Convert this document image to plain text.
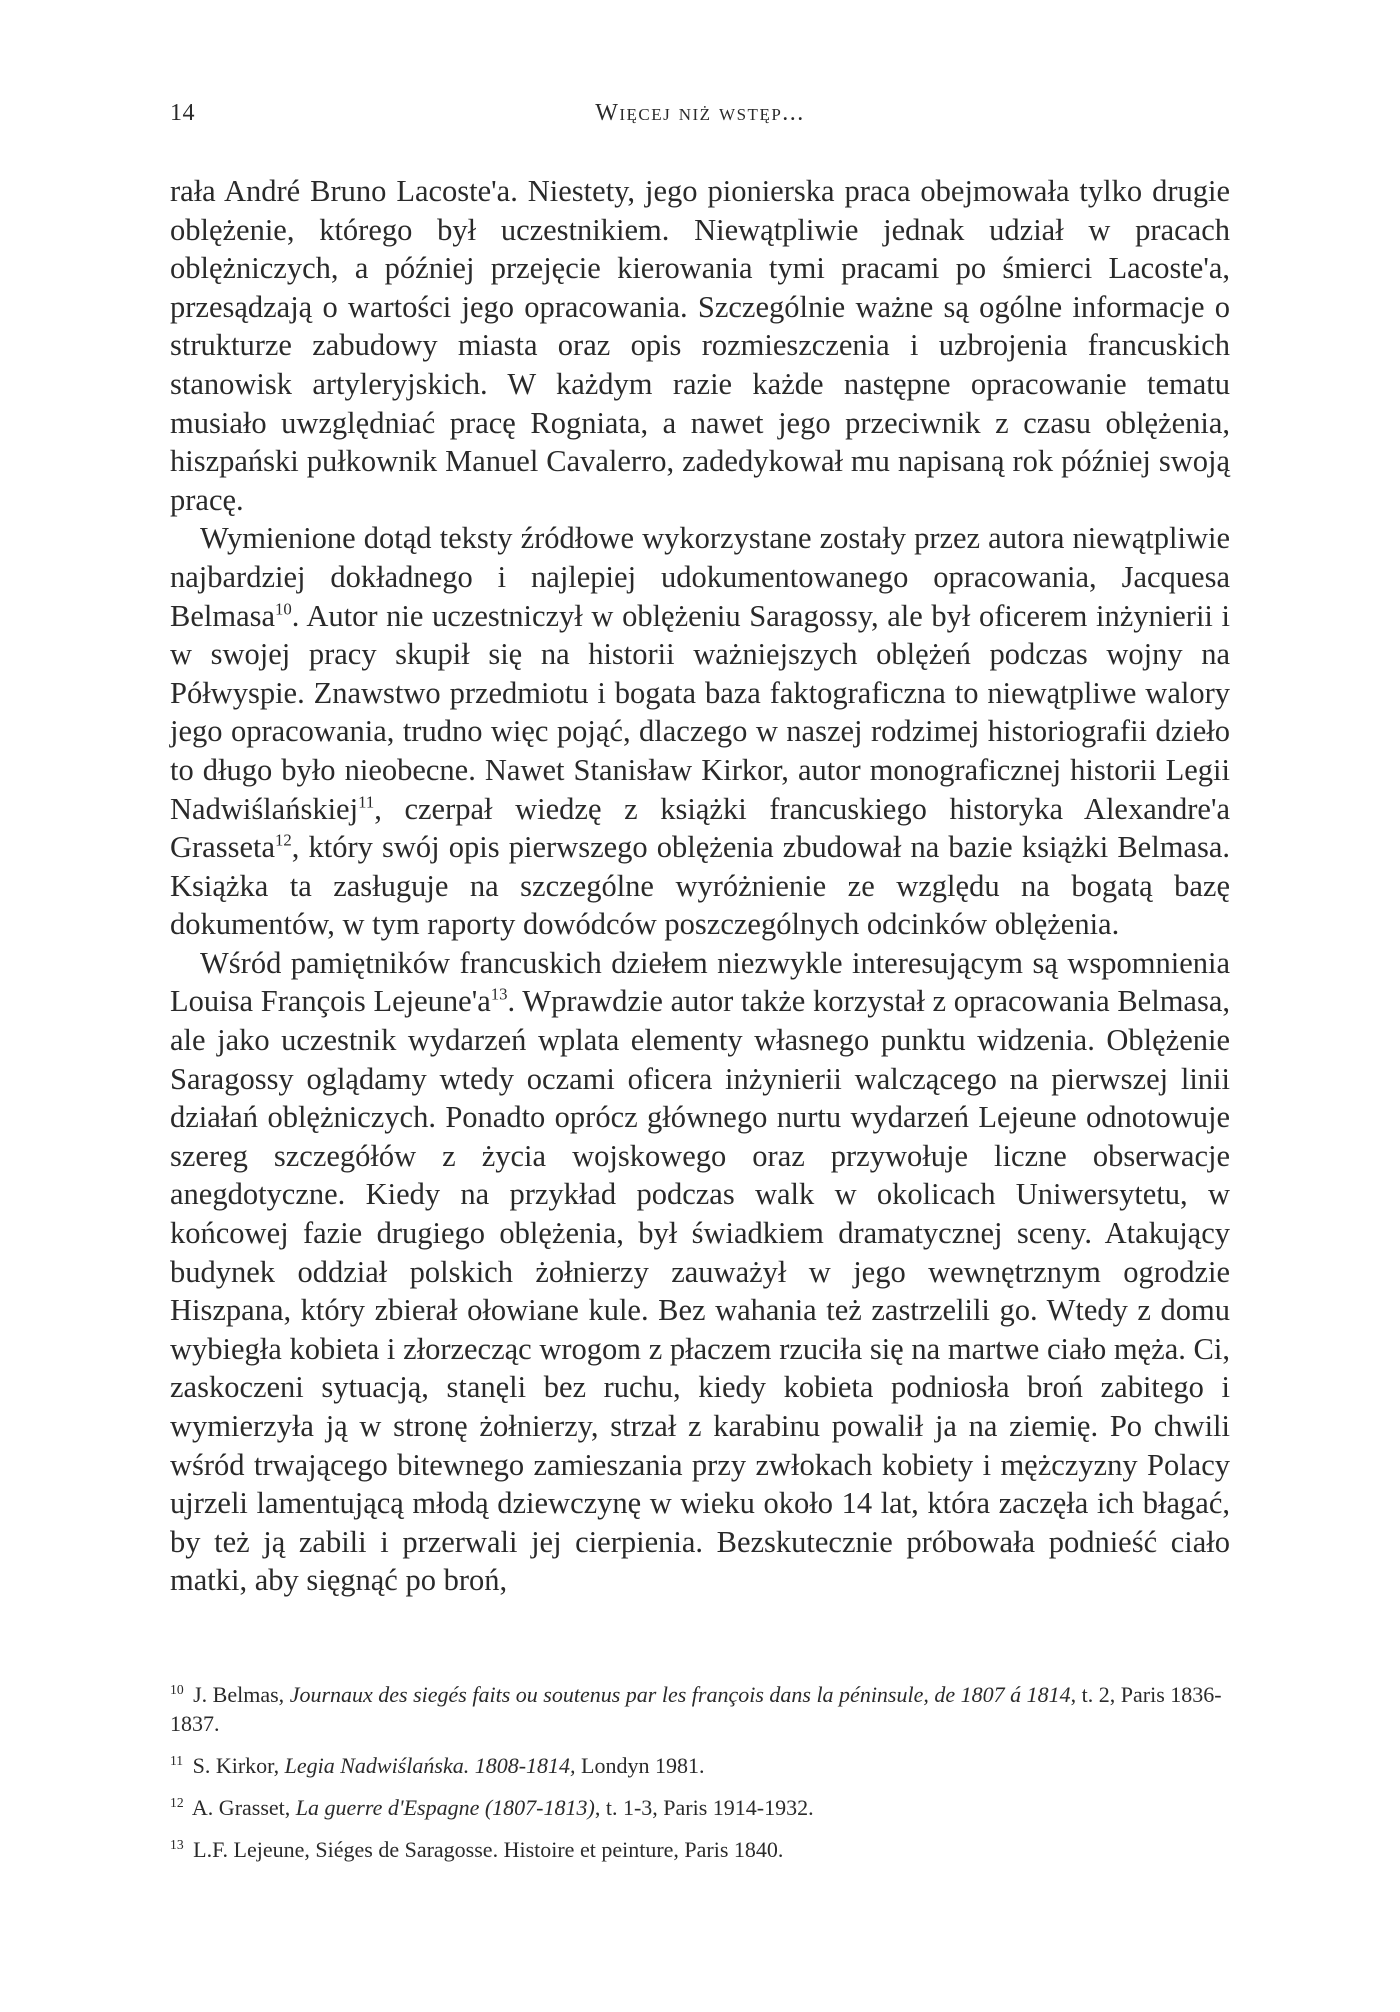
14	Więcej niż wstęp...

rała André Bruno Lacoste'a. Niestety, jego pionierska praca obejmowała tylko drugie oblężenie, którego był uczestnikiem. Niewątpliwie jednak udział w pracach oblężniczych, a później przejęcie kierowania tymi pracami po śmierci Lacoste'a, przesądzają o wartości jego opracowania. Szczególnie ważne są ogólne informacje o strukturze zabudowy miasta oraz opis rozmieszczenia i uzbrojenia francuskich stanowisk artyleryjskich. W każdym razie każde następne opracowanie tematu musiało uwzględniać pracę Rogniata, a nawet jego przeciwnik z czasu oblężenia, hiszpański pułkownik Manuel Cavalerro, zadedykował mu napisaną rok później swoją pracę.

Wymienione dotąd teksty źródłowe wykorzystane zostały przez autora niewątpliwie najbardziej dokładnego i najlepiej udokumentowanego opracowania, Jacquesa Belmasa$^{10}$. Autor nie uczestniczył w oblężeniu Saragossy, ale był oficerem inżynierii i w swojej pracy skupił się na historii ważniejszych oblężeń podczas wojny na Półwyspie. Znawstwo przedmiotu i bogata baza faktograficzna to niewątpliwe walory jego opracowania, trudno więc pojąć, dlaczego w naszej rodzimej historiografii dzieło to długo było nieobecne. Nawet Stanisław Kirkor, autor monograficznej historii Legii Nadwiślańskiej$^{11}$, czerpał wiedzę z książki francuskiego historyka Alexandre'a Grasseta$^{12}$, który swój opis pierwszego oblężenia zbudował na bazie książki Belmasa. Książka ta zasługuje na szczególne wyróżnienie ze względu na bogatą bazę dokumentów, w tym raporty dowódców poszczególnych odcinków oblężenia.

Wśród pamiętników francuskich dziełem niezwykle interesującym są wspomnienia Louisa François $Lejeune'a^{13}$. Wprawdzie autor także korzystał z opracowania Belmasa, ale jako uczestnik wydarzeń wplata elementy własnego punktu widzenia. Oblężenie Saragossy oglądamy wtedy oczami oficera inżynierii walczącego na pierwszej linii działań oblężniczych. Ponadto oprócz głównego nurtu wydarzeń Lejeune odnotowuje szereg szczegółów z życia wojskowego oraz przywołuje liczne obserwacje anegdotyczne. Kiedy na przykład podczas walk w okolicach Uniwersytetu, w końcowej fazie drugiego oblężenia, był świadkiem dramatycznej sceny. Atakujący budynek oddział polskich żołnierzy zauważył w jego wewnętrznym ogrodzie Hiszpana, który zbierał ołowiane kule. Bez wahania też zastrzelili go. Wtedy z domu wybiegła kobieta i złorzecząc wrogom z płaczem rzuciła się na martwe ciało męża. Ci, zaskoczeni sytuacją, stanęli bez ruchu, kiedy kobieta podniosła broń zabitego i wymierzyła ją w stronę żołnierzy, strzał z karabinu powalił ja na ziemię. Po chwili wśród trwającego bitewnego zamieszania przy zwłokach kobiety i mężczyzny Polacy ujrzeli lamentującą młodą dziewczynę w wieku około 14 lat, która zaczęła ich błagać, by też ją zabili i przerwali jej cierpienia. Bezskutecznie próbowała podnieść ciało matki, aby sięgnąć po broń,

$^{10}$ J. Belmas, Journaux des siegés faits ou soutenus par les françois dans la péninsule, de 1807 á 1814, t. 2, Paris 1836-1837.

$^{11}$ S. Kirkor, Legia Nadwiślańska. 1808-1814, Londyn 1981.

$^{12}$ A. Grasset, La guerre d'Espagne (1807-1813), t. 1-3, Paris 1914-1932.

$^{13}$ L.F. Lejeune, Siéges de Saragosse. Histoire et peinture, Paris 1840.
